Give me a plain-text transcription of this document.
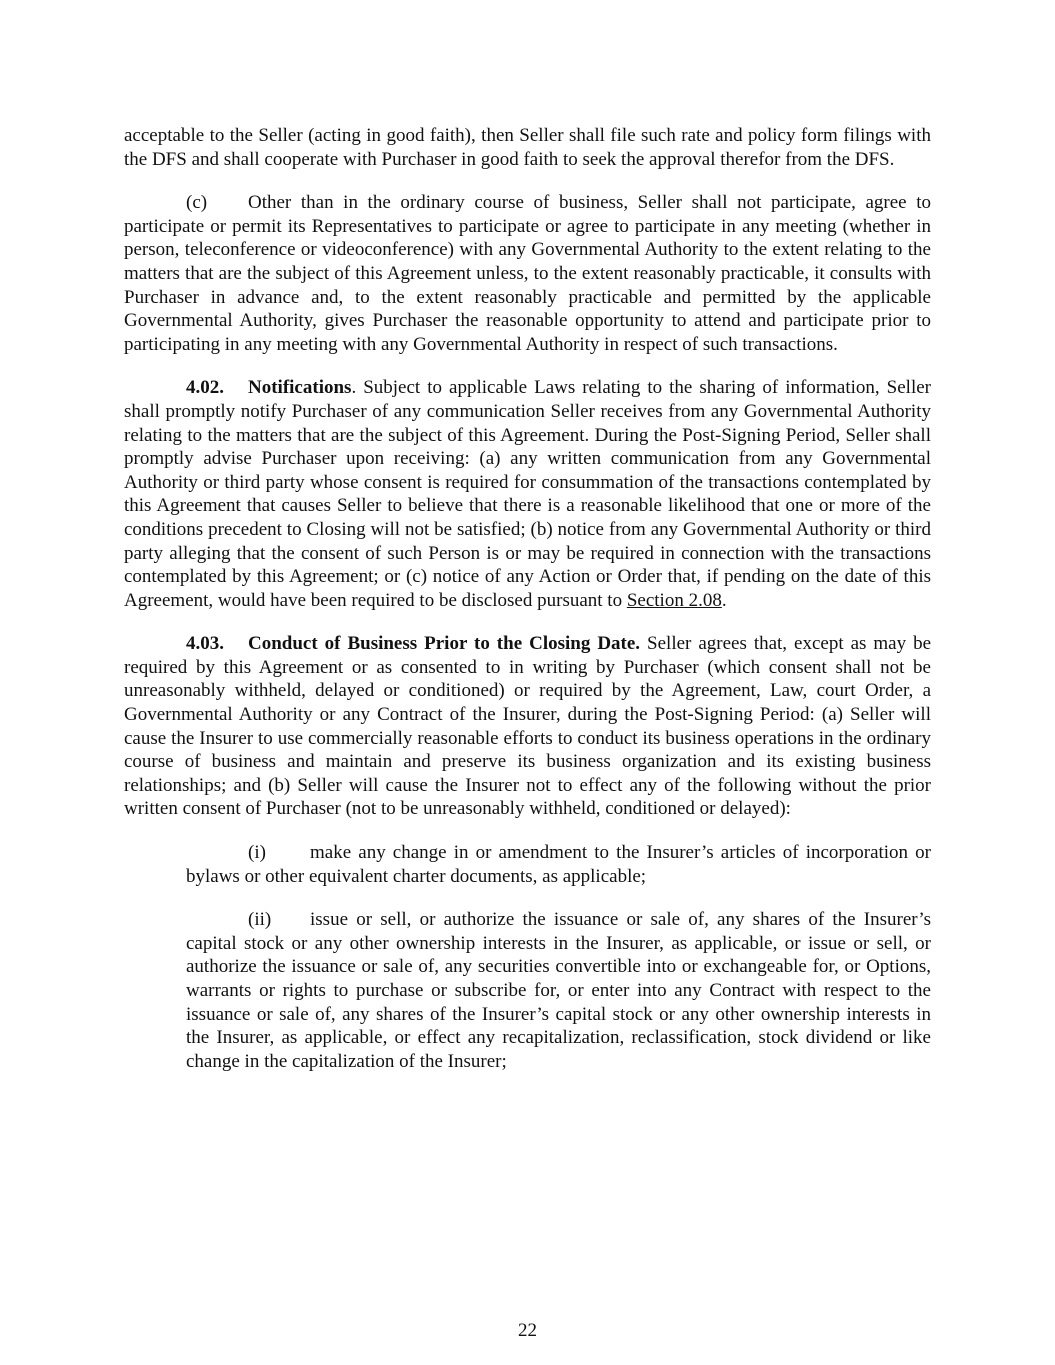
acceptable to the Seller (acting in good faith), then Seller shall file such rate and policy form filings with the DFS and shall cooperate with Purchaser in good faith to seek the approval therefor from the DFS.

(c) Other than in the ordinary course of business, Seller shall not participate, agree to participate or permit its Representatives to participate or agree to participate in any meeting (whether in person, teleconference or videoconference) with any Governmental Authority to the extent relating to the matters that are the subject of this Agreement unless, to the extent reasonably practicable, it consults with Purchaser in advance and, to the extent reasonably practicable and permitted by the applicable Governmental Authority, gives Purchaser the reasonable opportunity to attend and participate prior to participating in any meeting with any Governmental Authority in respect of such transactions.

4.02. Notifications. Subject to applicable Laws relating to the sharing of information, Seller shall promptly notify Purchaser of any communication Seller receives from any Governmental Authority relating to the matters that are the subject of this Agreement. During the Post-Signing Period, Seller shall promptly advise Purchaser upon receiving: (a) any written communication from any Governmental Authority or third party whose consent is required for consummation of the transactions contemplated by this Agreement that causes Seller to believe that there is a reasonable likelihood that one or more of the conditions precedent to Closing will not be satisfied; (b) notice from any Governmental Authority or third party alleging that the consent of such Person is or may be required in connection with the transactions contemplated by this Agreement; or (c) notice of any Action or Order that, if pending on the date of this Agreement, would have been required to be disclosed pursuant to Section 2.08.

4.03. Conduct of Business Prior to the Closing Date. Seller agrees that, except as may be required by this Agreement or as consented to in writing by Purchaser (which consent shall not be unreasonably withheld, delayed or conditioned) or required by the Agreement, Law, court Order, a Governmental Authority or any Contract of the Insurer, during the Post-Signing Period: (a) Seller will cause the Insurer to use commercially reasonable efforts to conduct its business operations in the ordinary course of business and maintain and preserve its business organization and its existing business relationships; and (b) Seller will cause the Insurer not to effect any of the following without the prior written consent of Purchaser (not to be unreasonably withheld, conditioned or delayed):

(i) make any change in or amendment to the Insurer’s articles of incorporation or bylaws or other equivalent charter documents, as applicable;

(ii) issue or sell, or authorize the issuance or sale of, any shares of the Insurer’s capital stock or any other ownership interests in the Insurer, as applicable, or issue or sell, or authorize the issuance or sale of, any securities convertible into or exchangeable for, or Options, warrants or rights to purchase or subscribe for, or enter into any Contract with respect to the issuance or sale of, any shares of the Insurer’s capital stock or any other ownership interests in the Insurer, as applicable, or effect any recapitalization, reclassification, stock dividend or like change in the capitalization of the Insurer;

22
